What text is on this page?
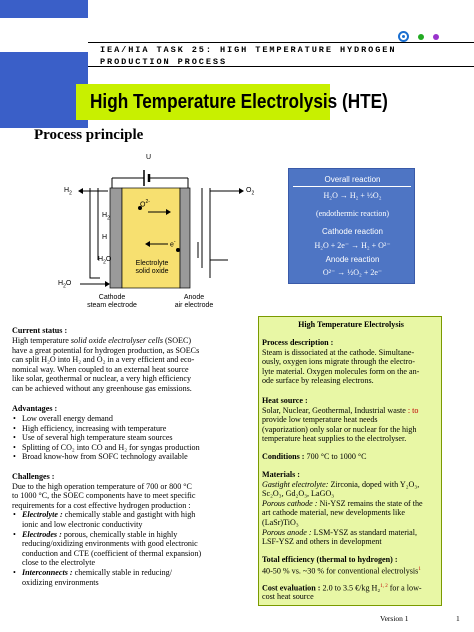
IEA/HIA TASK 25: HIGH TEMPERATURE HYDROGEN
PRODUCTION PROCESS
High Temperature Electrolysis (HTE)
Process principle
U
$H_2$	$O_2$
$O^{2-}$
$H_2$
e-
H
$H_2O$
$H_2O$
Electrolyte
solid oxide
Cathode
steam electrode
Anode
air electrode
Overall reaction
H₂O → H₂ + ½O₂
(endothermic reaction)
Cathode reaction
H₂O + 2e⁻ → H₂ + O²⁻
Anode reaction
O²⁻ → ½O₂ + 2e⁻
Current status :
High temperature solid oxide electrolyser cells (SOEC)
have a great potential for hydrogen production, as SOECs
can split H₂O into H₂ and O₂ in a very efficient and eco-
nomical way. When coupled to an external heat source
like solar, geothermal or nuclear, a very high efficiency
can be achieved without any greenhouse gas emissions.
Advantages :
• Low overall energy demand
• High efficiency, increasing with temperature
• Use of several high temperature steam sources
• Splitting of CO₂ into CO and H₂ for syngas production
• Broad know-how from SOFC technology available
Challenges :
Due to the high operation temperature of 700 or 800 °C
to 1000 °C, the SOEC components have to meet specific
requirements for a cost effective hydrogen production :
• Electrolyte : chemically stable and gastight with high
ionic and low electronic conductivity
• Electrodes : porous, chemically stable in highly
reducing/oxidizing environments with good electronic
conduction and CTE (coefficient of thermal expansion)
close to the electrolyte
• Interconnects : chemically stable in reducing/
oxidizing environments
High Temperature Electrolysis
Process description :
Steam is dissociated at the cathode. Simultane-
ously, oxygen ions migrate through the electro-
lyte material. Oxygen molecules form on the an-
ode surface by releasing electrons.
Heat source :
Solar, Nuclear, Geothermal, Industrial waste : to
provide low temperature heat needs
(vaporization) only solar or nuclear for the high
temperature heat supplies to the electrolyser.
Conditions : 700 °C to 1000 °C
Materials :
Gastight electrolyte: Zirconia, doped with Y₂O₃,
Sc₂O₃, Gd₂O₃, LaGO₃
Porous cathode : Ni-YSZ remains the state of the
art cathode material, new developments like
(LaSr)TiO₃
Porous anode : LSM-YSZ as standard material,
LSF-YSZ and others in development
Total efficiency (thermal to hydrogen) :
40-50 % vs. ~30 % for conventional electrolysis$^1$
Cost evaluation : 2.0 to 3.5 €/kg H₂$^{1, 2}$ for a low-
cost heat source
Version 1	1
